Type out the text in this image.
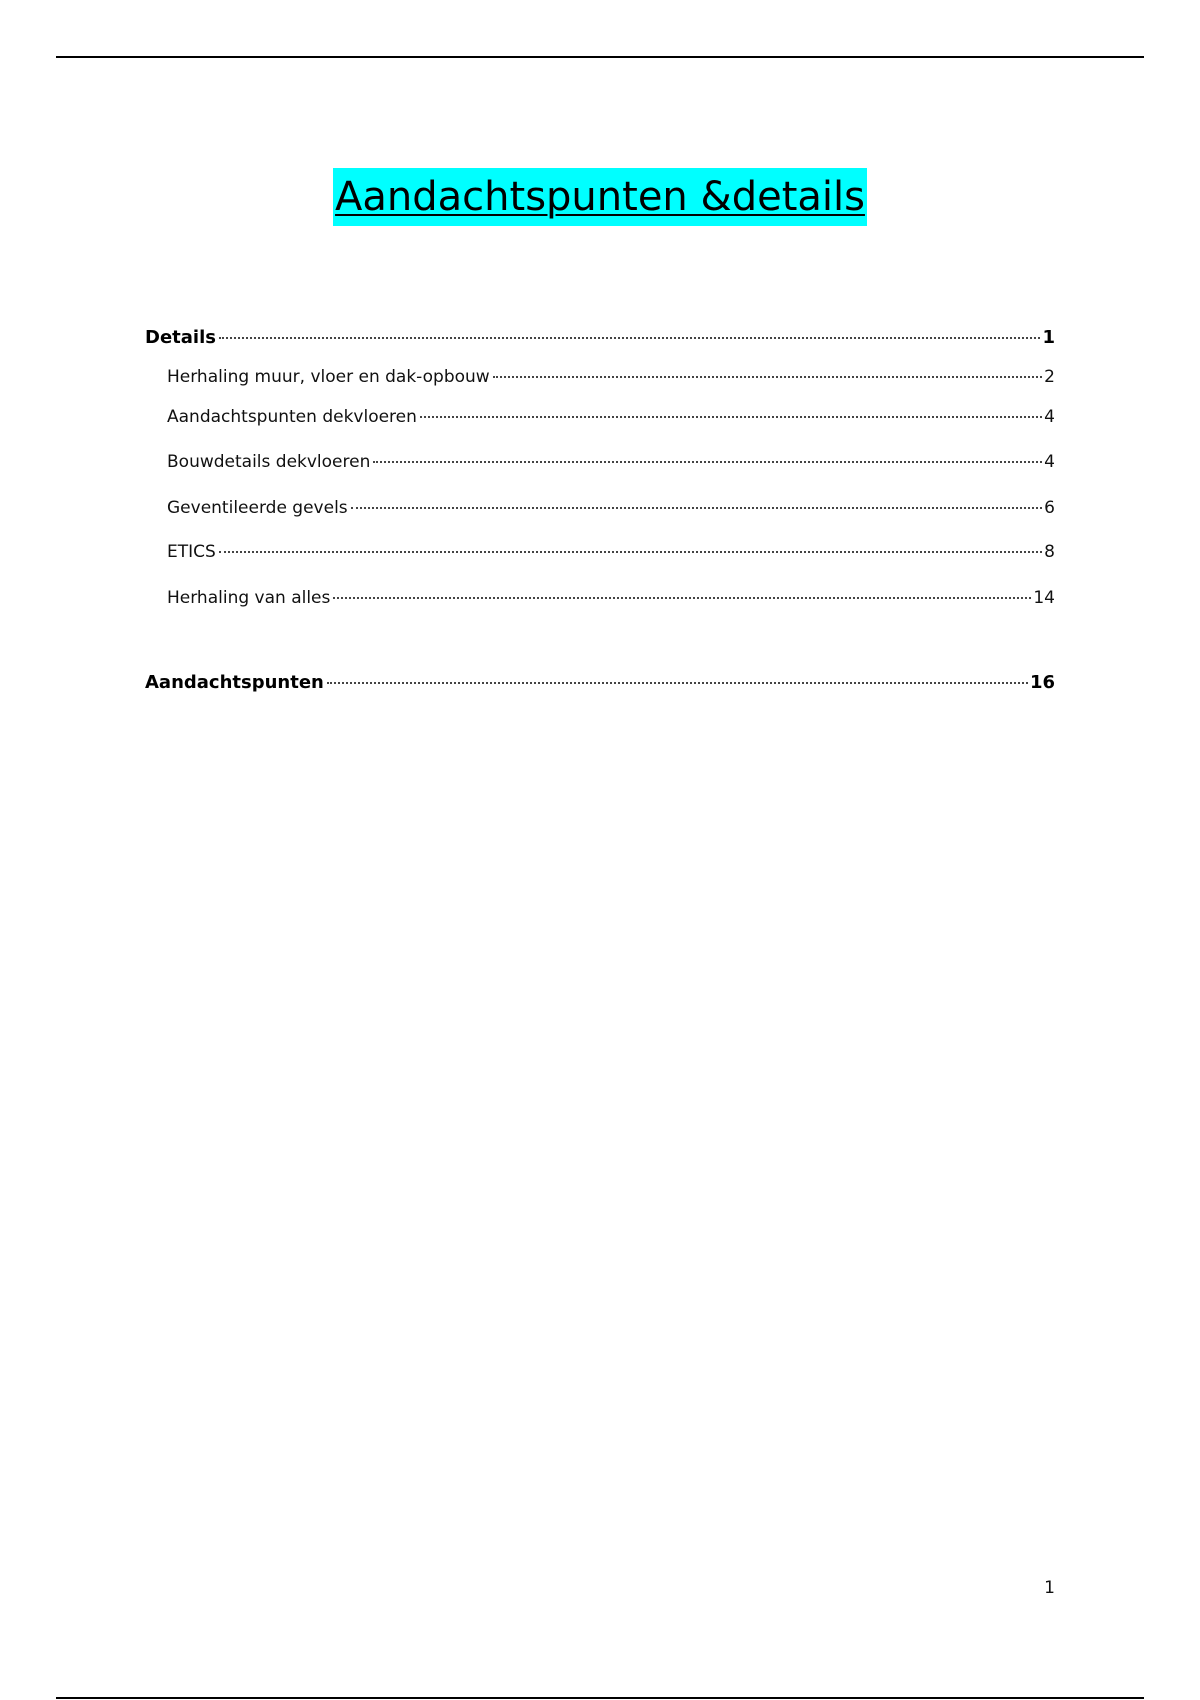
Aandachtspunten &details
Details	1
Herhaling muur, vloer en dak-opbouw	2
Aandachtspunten dekvloeren	4
Bouwdetails dekvloeren	4
Geventileerde gevels	6
ETICS	8
Herhaling van alles	14
Aandachtspunten	16
1
